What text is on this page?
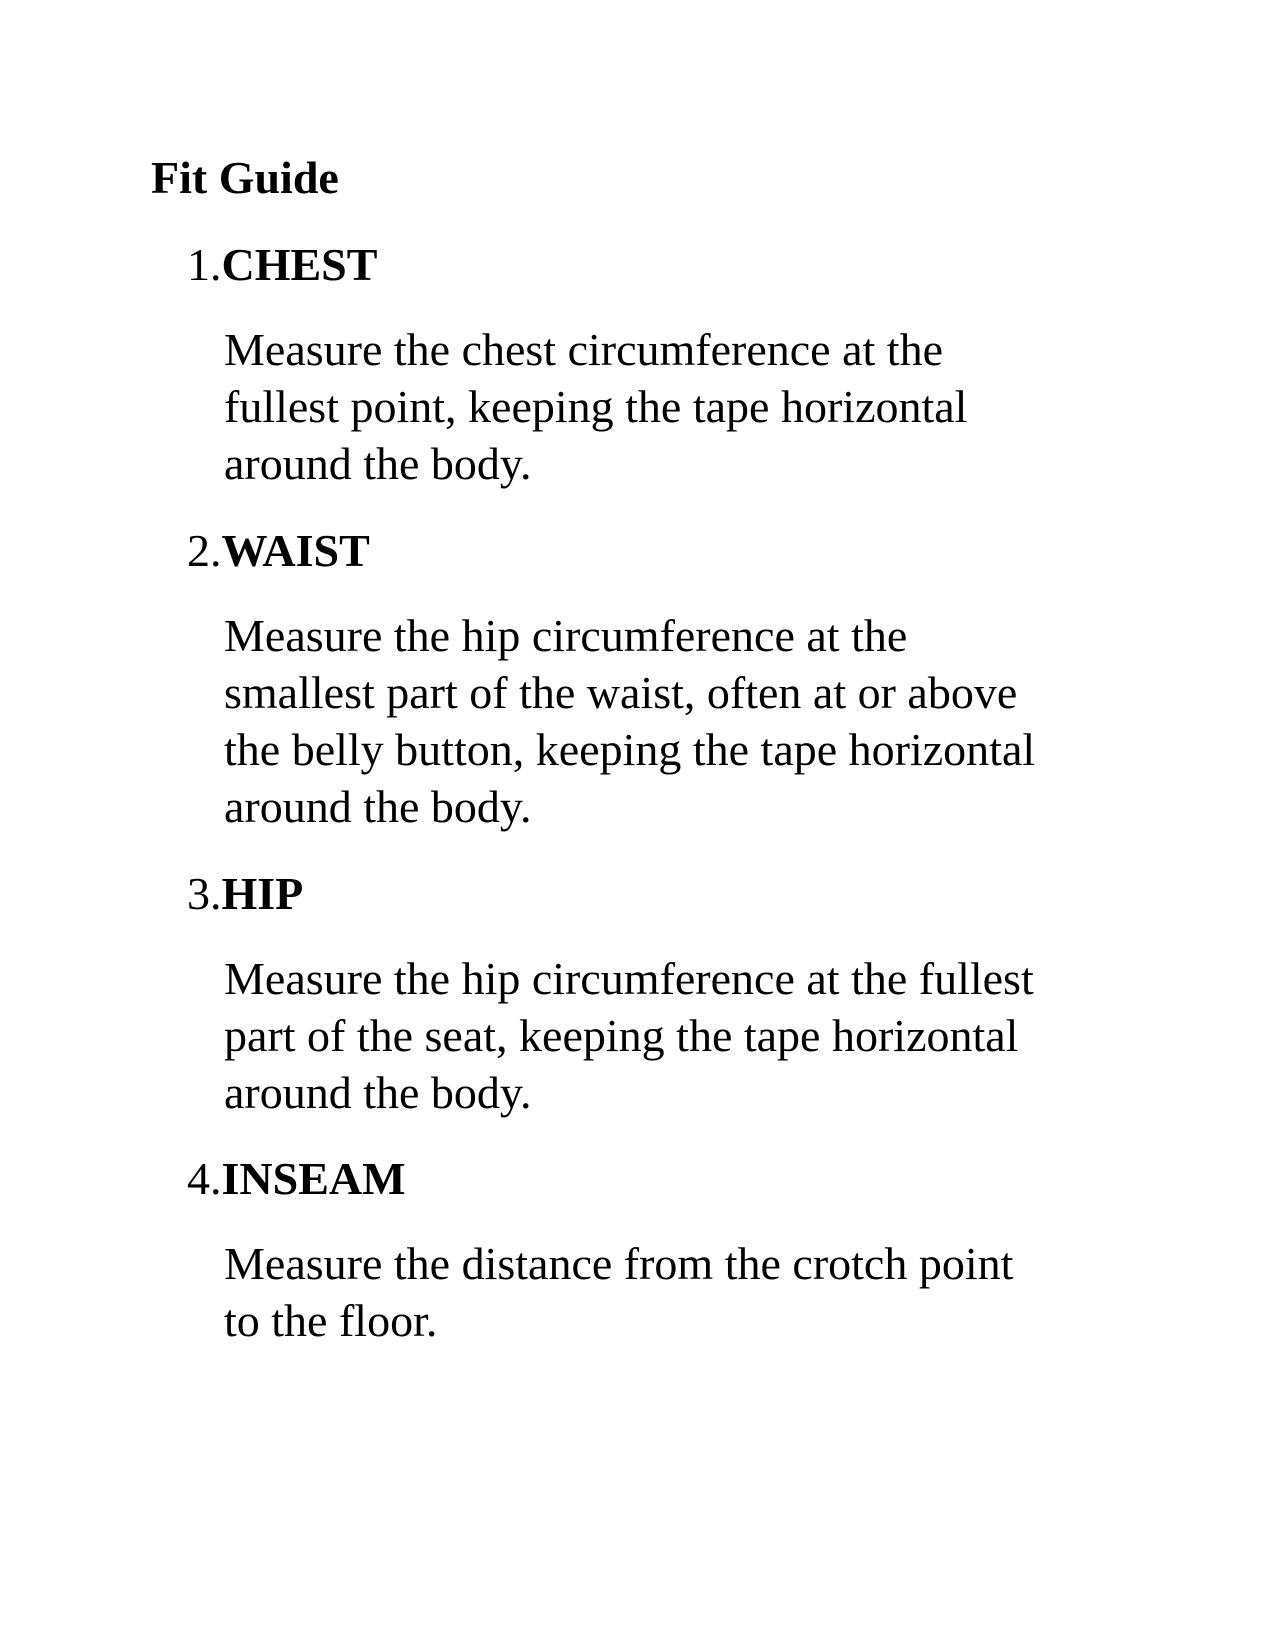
Fit Guide
1.CHEST
Measure the chest circumference at the
fullest point, keeping the tape horizontal
around the body.
2.WAIST
Measure the hip circumference at the
smallest part of the waist, often at or above
the belly button, keeping the tape horizontal
around the body.
3.HIP
Measure the hip circumference at the fullest
part of the seat, keeping the tape horizontal
around the body.
4.INSEAM
Measure the distance from the crotch point
to the floor.
